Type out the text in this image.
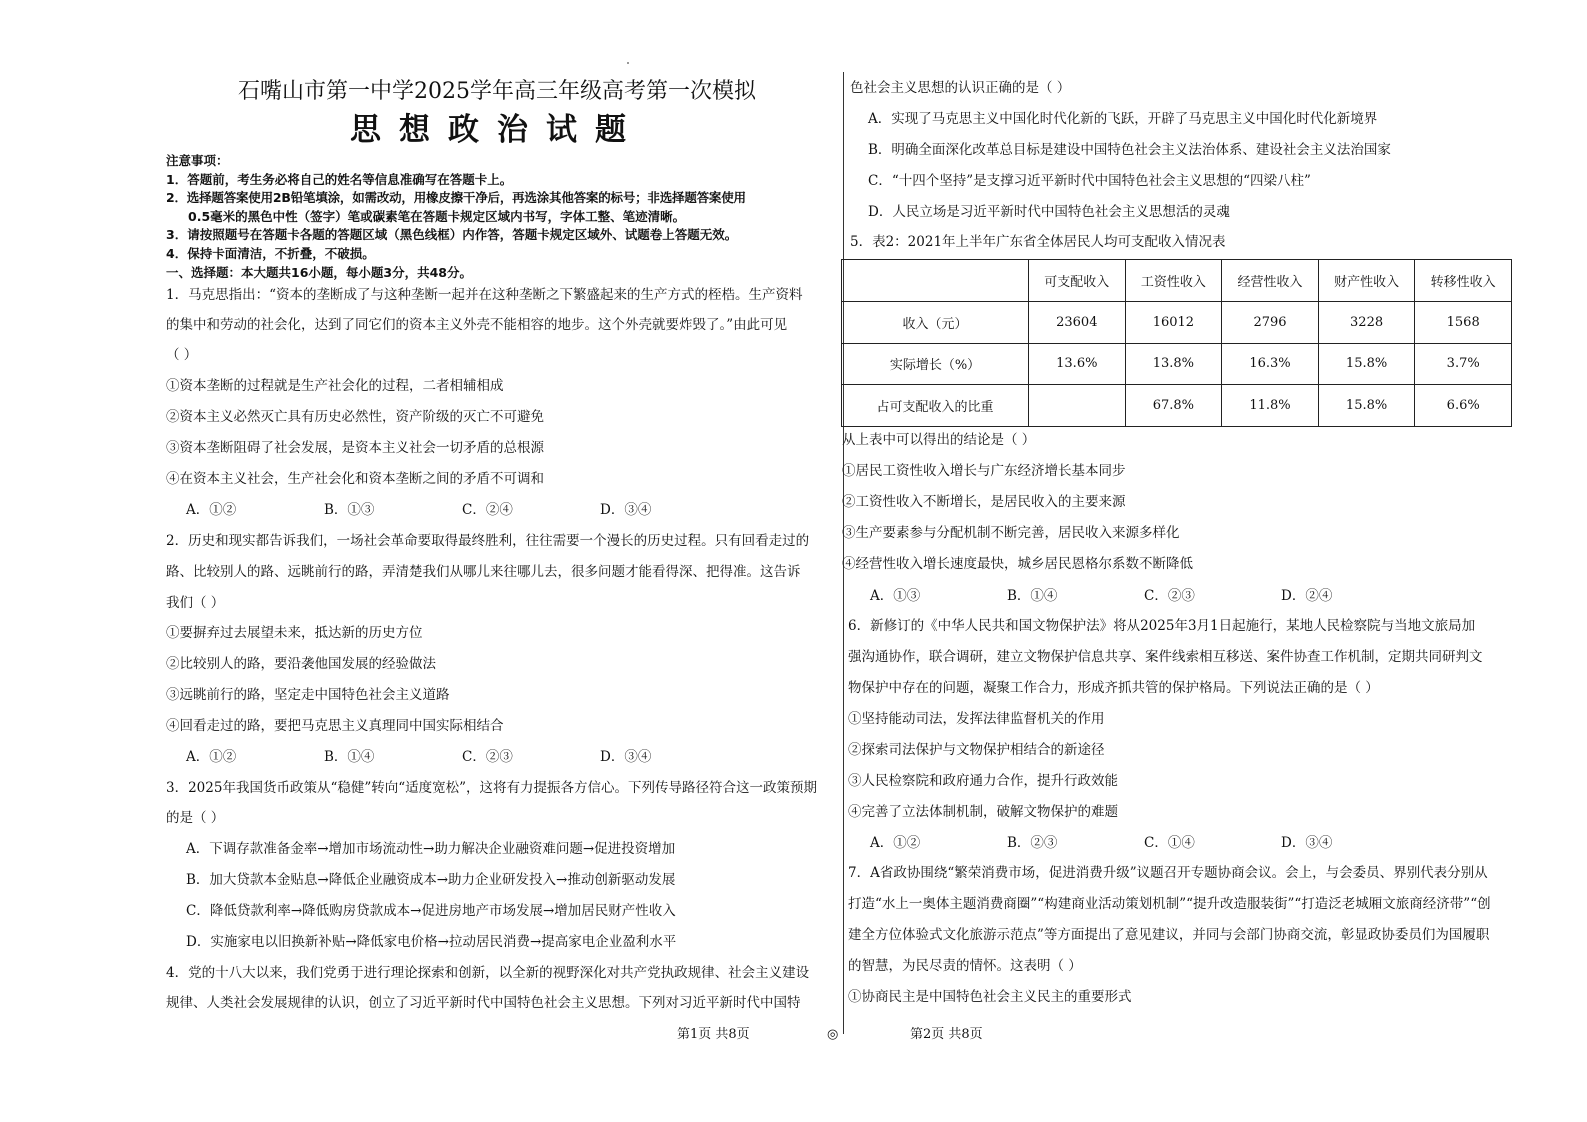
石嘴山市第一中学2025学年高三年级高考第一次模拟
思想政治试题
注意事项：
1．答题前，考生务必将自己的姓名等信息准确写在答题卡上。
2．选择题答案使用2B铅笔填涂，如需改动，用橡皮擦干净后，再选涂其他答案的标号；非选择题答案使用
0.5毫米的黑色中性（签字）笔或碳素笔在答题卡规定区域内书写，字体工整、笔迹清晰。
3．请按照题号在答题卡各题的答题区域（黑色线框）内作答，答题卡规定区域外、试题卷上答题无效。
4．保持卡面清洁，不折叠，不破损。
一、选择题：本大题共16小题，每小题3分，共48分。
1．马克思指出：“资本的垄断成了与这种垄断一起并在这种垄断之下繁盛起来的生产方式的桎梏。生产资料
的集中和劳动的社会化，达到了同它们的资本主义外壳不能相容的地步。这个外壳就要炸毁了。”由此可见
（ ）
①资本垄断的过程就是生产社会化的过程，二者相辅相成
②资本主义必然灭亡具有历史必然性，资产阶级的灭亡不可避免
③资本垄断阻碍了社会发展，是资本主义社会一切矛盾的总根源
④在资本主义社会，生产社会化和资本垄断之间的矛盾不可调和
A．①②	B．①③	C．②④	D．③④
2．历史和现实都告诉我们，一场社会革命要取得最终胜利，往往需要一个漫长的历史过程。只有回看走过的
路、比较别人的路、远眺前行的路，弄清楚我们从哪儿来往哪儿去，很多问题才能看得深、把得准。这告诉
我们（ ）
①要摒弃过去展望未来，抵达新的历史方位
②比较别人的路，要沿袭他国发展的经验做法
③远眺前行的路，坚定走中国特色社会主义道路
④回看走过的路，要把马克思主义真理同中国实际相结合
A．①②	B．①④	C．②③	D．③④
3．2025年我国货币政策从“稳健”转向“适度宽松”，这将有力提振各方信心。下列传导路径符合这一政策预期
的是（ ）
A．下调存款准备金率→增加市场流动性→助力解决企业融资难问题→促进投资增加
B．加大贷款本金贴息→降低企业融资成本→助力企业研发投入→推动创新驱动发展
C．降低贷款利率→降低购房贷款成本→促进房地产市场发展→增加居民财产性收入
D．实施家电以旧换新补贴→降低家电价格→拉动居民消费→提高家电企业盈利水平
4．党的十八大以来，我们党勇于进行理论探索和创新，以全新的视野深化对共产党执政规律、社会主义建设
规律、人类社会发展规律的认识，创立了习近平新时代中国特色社会主义思想。下列对习近平新时代中国特
色社会主义思想的认识正确的是（ ）
A．实现了马克思主义中国化时代化新的飞跃，开辟了马克思主义中国化时代化新境界
B．明确全面深化改革总目标是建设中国特色社会主义法治体系、建设社会主义法治国家
C．“十四个坚持”是支撑习近平新时代中国特色社会主义思想的“四梁八柱”
D．人民立场是习近平新时代中国特色社会主义思想活的灵魂
5．表2：2021年上半年广东省全体居民人均可支配收入情况表
从上表中可以得出的结论是（ ）
①居民工资性收入增长与广东经济增长基本同步
②工资性收入不断增长，是居民收入的主要来源
③生产要素参与分配机制不断完善，居民收入来源多样化
④经营性收入增长速度最快，城乡居民恩格尔系数不断降低
A．①③	B．①④	C．②③	D．②④
6．新修订的《中华人民共和国文物保护法》将从2025年3月1日起施行，某地人民检察院与当地文旅局加
强沟通协作，联合调研，建立文物保护信息共享、案件线索相互移送、案件协查工作机制，定期共同研判文
物保护中存在的问题，凝聚工作合力，形成齐抓共管的保护格局。下列说法正确的是（ ）
①坚持能动司法，发挥法律监督机关的作用
②探索司法保护与文物保护相结合的新途径
③人民检察院和政府通力合作，提升行政效能
④完善了立法体制机制，破解文物保护的难题
A．①②	B．②③	C．①④	D．③④
7．A省政协围绕“繁荣消费市场，促进消费升级”议题召开专题协商会议。会上，与会委员、界别代表分别从
打造“水上一奥体主题消费商圈”“构建商业活动策划机制”“提升改造服装街”“打造泛老城厢文旅商经济带”“创
建全方位体验式文化旅游示范点”等方面提出了意见建议，并同与会部门协商交流，彰显政协委员们为国履职
的智慧，为民尽责的情怀。这表明（ ）
①协商民主是中国特色社会主义民主的重要形式
	可支配收入	工资性收入	经营性收入	财产性收入	转移性收入
收入（元）	23604	16012	2796	3228	1568
实际增长（%）	13.6%	13.8%	16.3%	15.8%	3.7%
占可支配收入的比重		67.8%	11.8%	15.8%	6.6%
第1页 共8页	◎	第2页 共8页
